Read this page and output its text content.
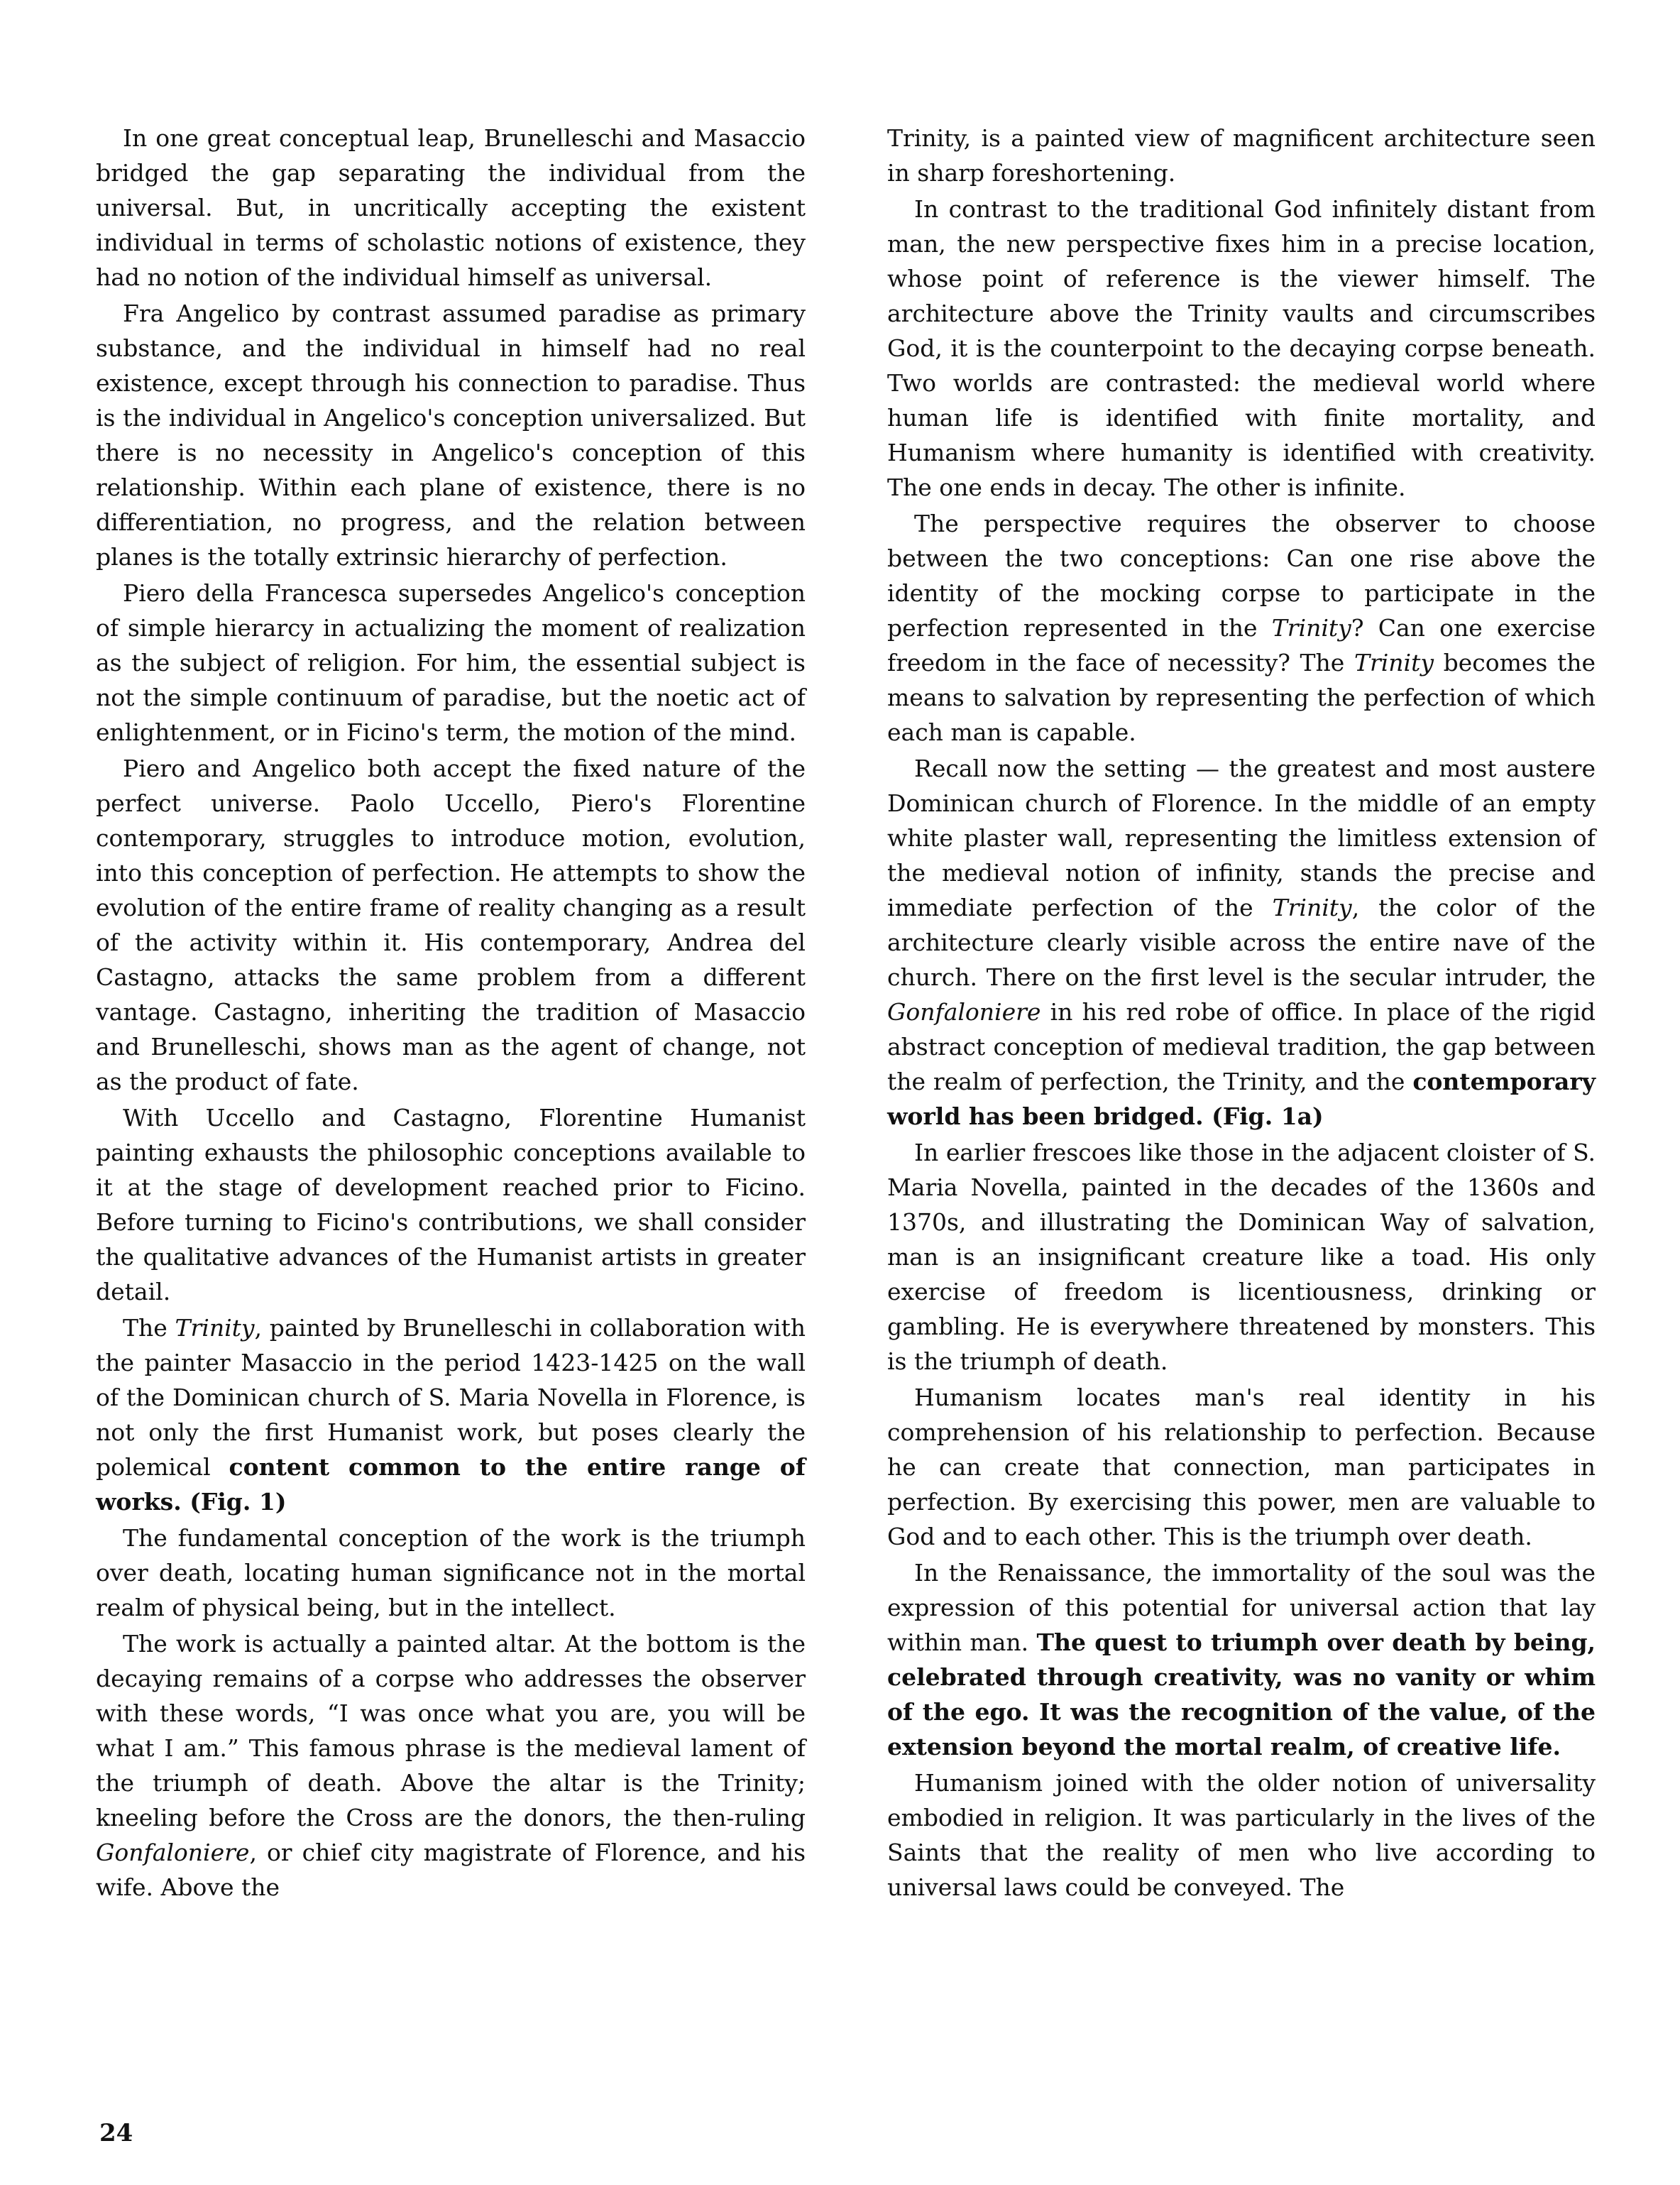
In one great conceptual leap, Brunelleschi and Masaccio bridged the gap separating the individual from the universal. But, in uncritically accepting the existent individual in terms of scholastic notions of existence, they had no notion of the individual himself as universal.

Fra Angelico by contrast assumed paradise as primary substance, and the individual in himself had no real existence, except through his connection to paradise. Thus is the individual in Angelico's conception universalized. But there is no necessity in Angelico's conception of this relationship. Within each plane of existence, there is no differentiation, no progress, and the relation between planes is the totally extrinsic hierarchy of perfection.

Piero della Francesca supersedes Angelico's conception of simple hierarcy in actualizing the moment of realization as the subject of religion. For him, the essential subject is not the simple continuum of paradise, but the noetic act of enlightenment, or in Ficino's term, the motion of the mind.

Piero and Angelico both accept the fixed nature of the perfect universe. Paolo Uccello, Piero's Florentine contemporary, struggles to introduce motion, evolution, into this conception of perfection. He attempts to show the evolution of the entire frame of reality changing as a result of the activity within it. His contemporary, Andrea del Castagno, attacks the same problem from a different vantage. Castagno, inheriting the tradition of Masaccio and Brunelleschi, shows man as the agent of change, not as the product of fate.

With Uccello and Castagno, Florentine Humanist painting exhausts the philosophic conceptions available to it at the stage of development reached prior to Ficino. Before turning to Ficino's contributions, we shall consider the qualitative advances of the Humanist artists in greater detail.

The Trinity, painted by Brunelleschi in collaboration with the painter Masaccio in the period 1423-1425 on the wall of the Dominican church of S. Maria Novella in Florence, is not only the first Humanist work, but poses clearly the polemical content common to the entire range of works. (Fig. 1)

The fundamental conception of the work is the triumph over death, locating human significance not in the mortal realm of physical being, but in the intellect.

The work is actually a painted altar. At the bottom is the decaying remains of a corpse who addresses the observer with these words, “I was once what you are, you will be what I am.” This famous phrase is the medieval lament of the triumph of death. Above the altar is the Trinity; kneeling before the Cross are the donors, the then-ruling Gonfaloniere, or chief city magistrate of Florence, and his wife. Above the

Trinity, is a painted view of magnificent architecture seen in sharp foreshortening.

In contrast to the traditional God infinitely distant from man, the new perspective fixes him in a precise location, whose point of reference is the viewer himself. The architecture above the Trinity vaults and circumscribes God, it is the counterpoint to the decaying corpse beneath. Two worlds are contrasted: the medieval world where human life is identified with finite mortality, and Humanism where humanity is identified with creativity. The one ends in decay. The other is infinite.

The perspective requires the observer to choose between the two conceptions: Can one rise above the identity of the mocking corpse to participate in the perfection represented in the Trinity? Can one exercise freedom in the face of necessity? The Trinity becomes the means to salvation by representing the perfection of which each man is capable.

Recall now the setting — the greatest and most austere Dominican church of Florence. In the middle of an empty white plaster wall, representing the limitless extension of the medieval notion of infinity, stands the precise and immediate perfection of the Trinity, the color of the architecture clearly visible across the entire nave of the church. There on the first level is the secular intruder, the Gonfaloniere in his red robe of office. In place of the rigid abstract conception of medieval tradition, the gap between the realm of perfection, the Trinity, and the contemporary world has been bridged. (Fig. 1a)

In earlier frescoes like those in the adjacent cloister of S. Maria Novella, painted in the decades of the 1360s and 1370s, and illustrating the Dominican Way of salvation, man is an insignificant creature like a toad. His only exercise of freedom is licentiousness, drinking or gambling. He is everywhere threatened by monsters. This is the triumph of death.

Humanism locates man's real identity in his comprehension of his relationship to perfection. Because he can create that connection, man participates in perfection. By exercising this power, men are valuable to God and to each other. This is the triumph over death.

In the Renaissance, the immortality of the soul was the expression of this potential for universal action that lay within man. The quest to triumph over death by being, celebrated through creativity, was no vanity or whim of the ego. It was the recognition of the value, of the extension beyond the mortal realm, of creative life.

Humanism joined with the older notion of universality embodied in religion. It was particularly in the lives of the Saints that the reality of men who live according to universal laws could be conveyed. The

24
